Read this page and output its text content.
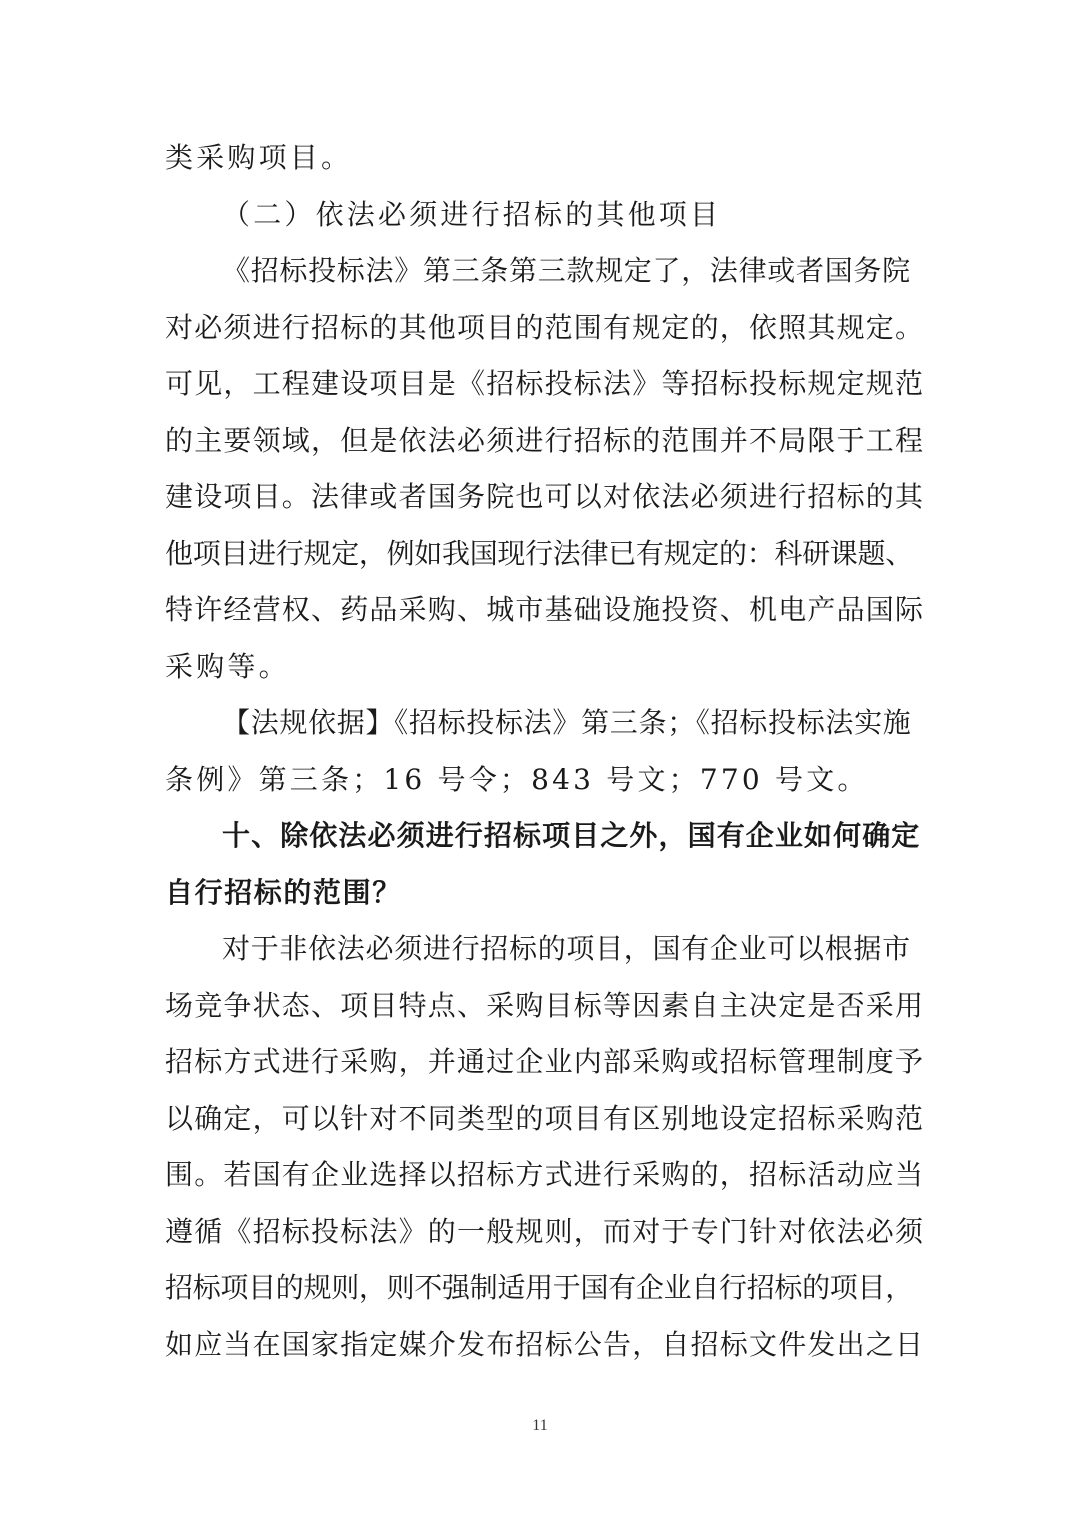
类采购项目。
（二）依法必须进行招标的其他项目
《招标投标法》第三条第三款规定了，法律或者国务院
对必须进行招标的其他项目的范围有规定的，依照其规定。
可见，工程建设项目是《招标投标法》等招标投标规定规范
的主要领域，但是依法必须进行招标的范围并不局限于工程
建设项目。法律或者国务院也可以对依法必须进行招标的其
他项目进行规定，例如我国现行法律已有规定的：科研课题、
特许经营权、药品采购、城市基础设施投资、机电产品国际
采购等。
【法规依据】《招标投标法》第三条；《招标投标法实施
条例》第三条；16 号令；843 号文；770 号文。
十、除依法必须进行招标项目之外，国有企业如何确定
自行招标的范围？
对于非依法必须进行招标的项目，国有企业可以根据市
场竞争状态、项目特点、采购目标等因素自主决定是否采用
招标方式进行采购，并通过企业内部采购或招标管理制度予
以确定，可以针对不同类型的项目有区别地设定招标采购范
围。若国有企业选择以招标方式进行采购的，招标活动应当
遵循《招标投标法》的一般规则，而对于专门针对依法必须
招标项目的规则，则不强制适用于国有企业自行招标的项目，
如应当在国家指定媒介发布招标公告，自招标文件发出之日
11
